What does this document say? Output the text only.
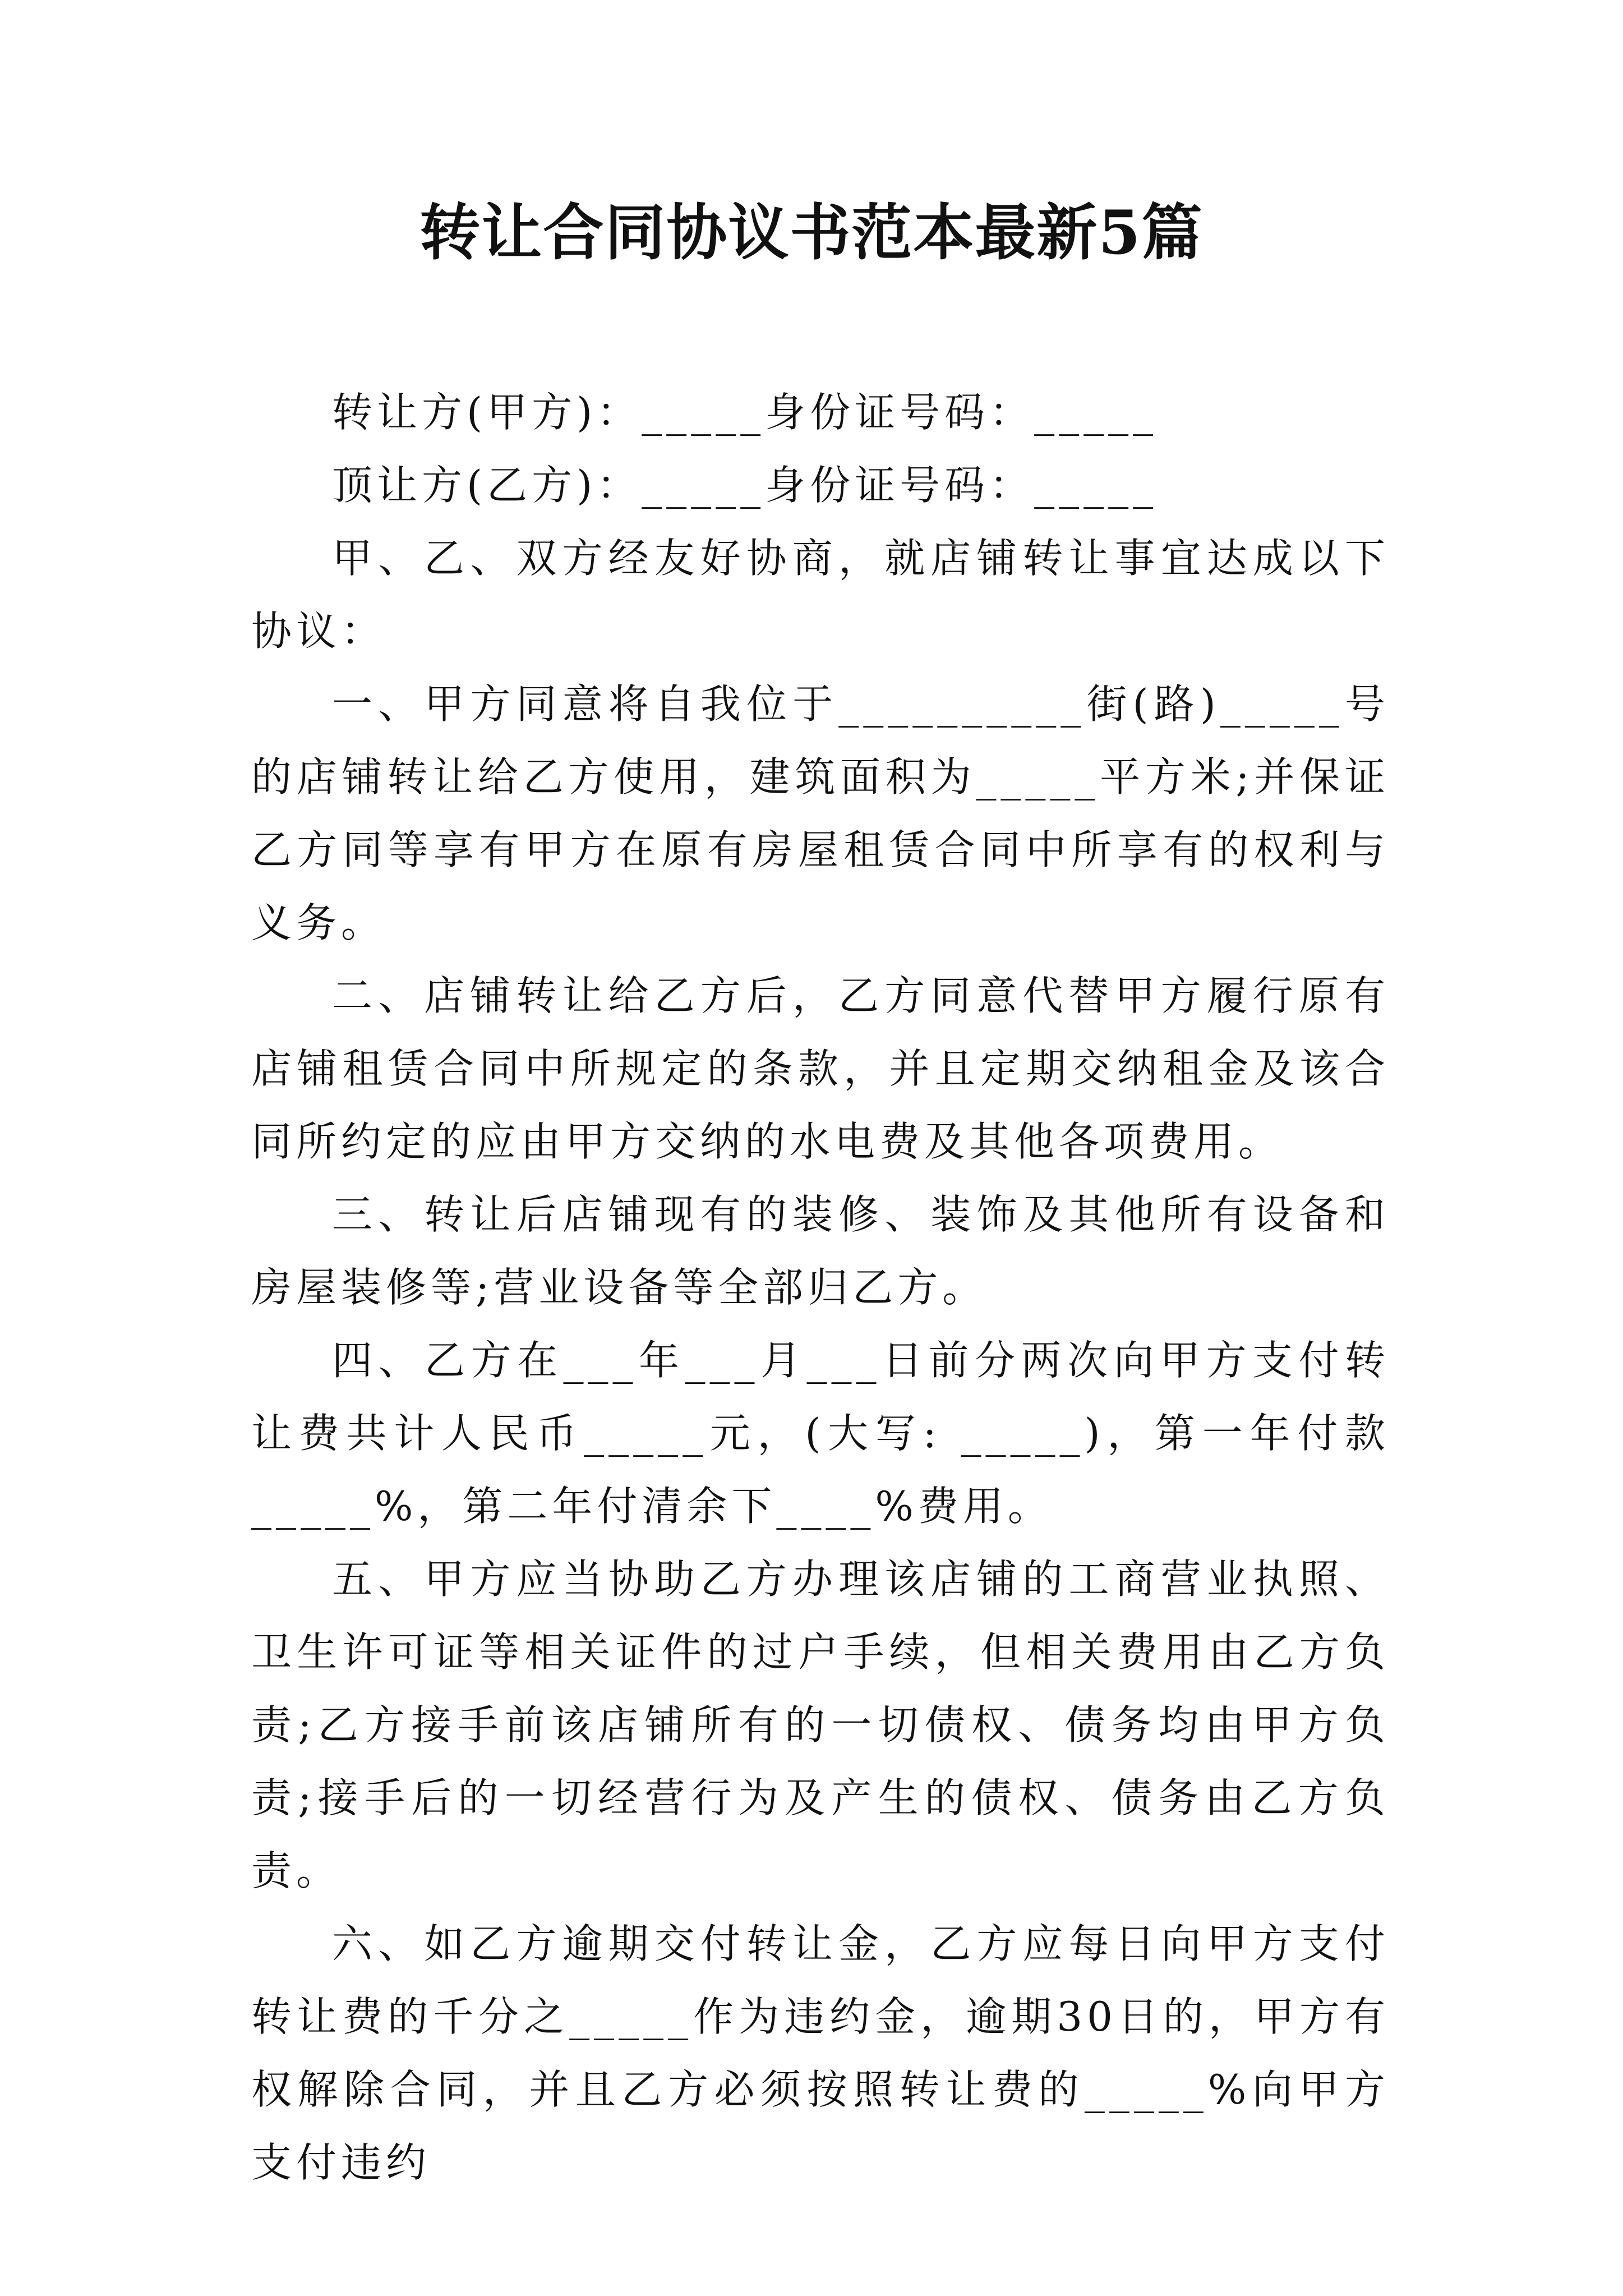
转让合同协议书范本最新5篇

转让方(甲方)：_____身份证号码：_____

顶让方(乙方)：_____身份证号码：_____

甲、乙、双方经友好协商，就店铺转让事宜达成以下协议：

一、甲方同意将自我位于__________街(路)_____号的店铺转让给乙方使用，建筑面积为_____平方米;并保证乙方同等享有甲方在原有房屋租赁合同中所享有的权利与义务。

二、店铺转让给乙方后，乙方同意代替甲方履行原有店铺租赁合同中所规定的条款，并且定期交纳租金及该合同所约定的应由甲方交纳的水电费及其他各项费用。

三、转让后店铺现有的装修、装饰及其他所有设备和房屋装修等;营业设备等全部归乙方。

四、乙方在___年___月___日前分两次向甲方支付转让费共计人民币_____元，(大写: _____)，第一年付款_____%，第二年付清余下____%费用。

五、甲方应当协助乙方办理该店铺的工商营业执照、卫生许可证等相关证件的过户手续，但相关费用由乙方负责;乙方接手前该店铺所有的一切债权、债务均由甲方负责;接手后的一切经营行为及产生的债权、债务由乙方负责。

六、如乙方逾期交付转让金，乙方应每日向甲方支付转让费的千分之_____作为违约金，逾期30日的，甲方有权解除合同，并且乙方必须按照转让费的_____%向甲方支付违约
